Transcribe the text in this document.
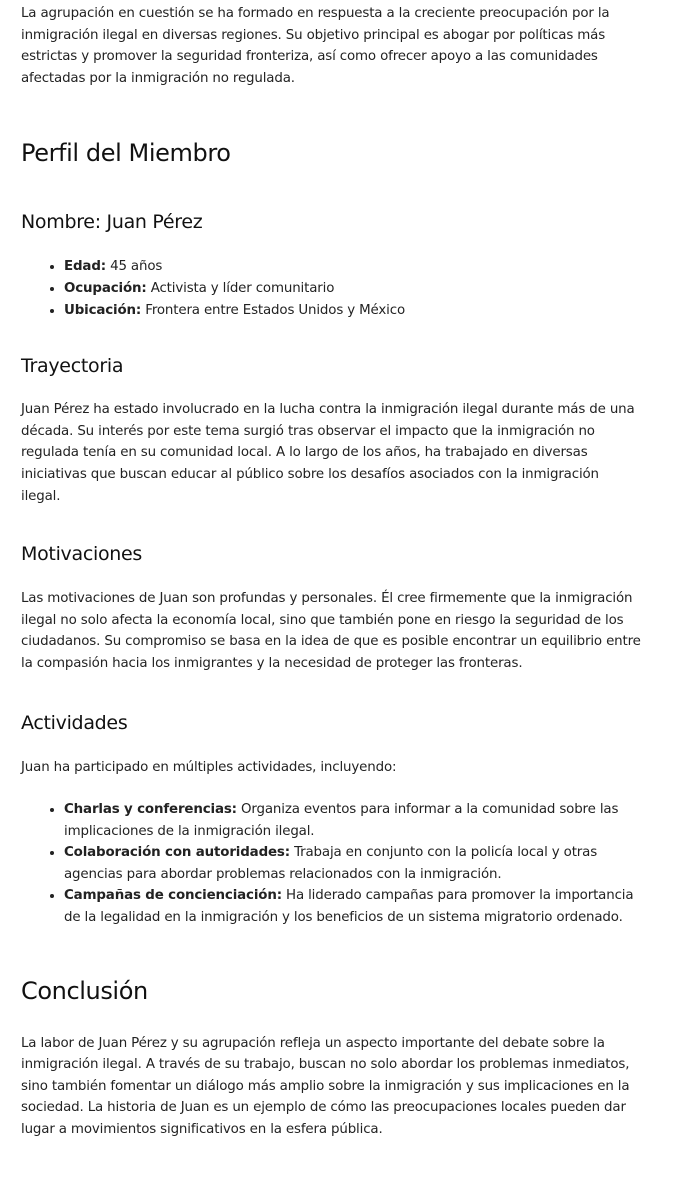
La agrupación en cuestión se ha formado en respuesta a la creciente preocupación por la inmigración ilegal en diversas regiones. Su objetivo principal es abogar por políticas más estrictas y promover la seguridad fronteriza, así como ofrecer apoyo a las comunidades afectadas por la inmigración no regulada.

Perfil del Miembro
Nombre: Juan Pérez
• Edad: 45 años
• Ocupación: Activista y líder comunitario
• Ubicación: Frontera entre Estados Unidos y México
Trayectoria

Juan Pérez ha estado involucrado en la lucha contra la inmigración ilegal durante más de una década. Su interés por este tema surgió tras observar el impacto que la inmigración no regulada tenía en su comunidad local. A lo largo de los años, ha trabajado en diversas iniciativas que buscan educar al público sobre los desafíos asociados con la inmigración ilegal.

Motivaciones

Las motivaciones de Juan son profundas y personales. Él cree firmemente que la inmigración ilegal no solo afecta la economía local, sino que también pone en riesgo la seguridad de los ciudadanos. Su compromiso se basa en la idea de que es posible encontrar un equilibrio entre la compasión hacia los inmigrantes y la necesidad de proteger las fronteras.

Actividades

Juan ha participado en múltiples actividades, incluyendo:

• Charlas y conferencias: Organiza eventos para informar a la comunidad sobre las implicaciones de la inmigración ilegal.
• Colaboración con autoridades: Trabaja en conjunto con la policía local y otras agencias para abordar problemas relacionados con la inmigración.
• Campañas de concienciación: Ha liderado campañas para promover la importancia de la legalidad en la inmigración y los beneficios de un sistema migratorio ordenado.
Conclusión

La labor de Juan Pérez y su agrupación refleja un aspecto importante del debate sobre la inmigración ilegal. A través de su trabajo, buscan no solo abordar los problemas inmediatos, sino también fomentar un diálogo más amplio sobre la inmigración y sus implicaciones en la sociedad. La historia de Juan es un ejemplo de cómo las preocupaciones locales pueden dar lugar a movimientos significativos en la esfera pública.
